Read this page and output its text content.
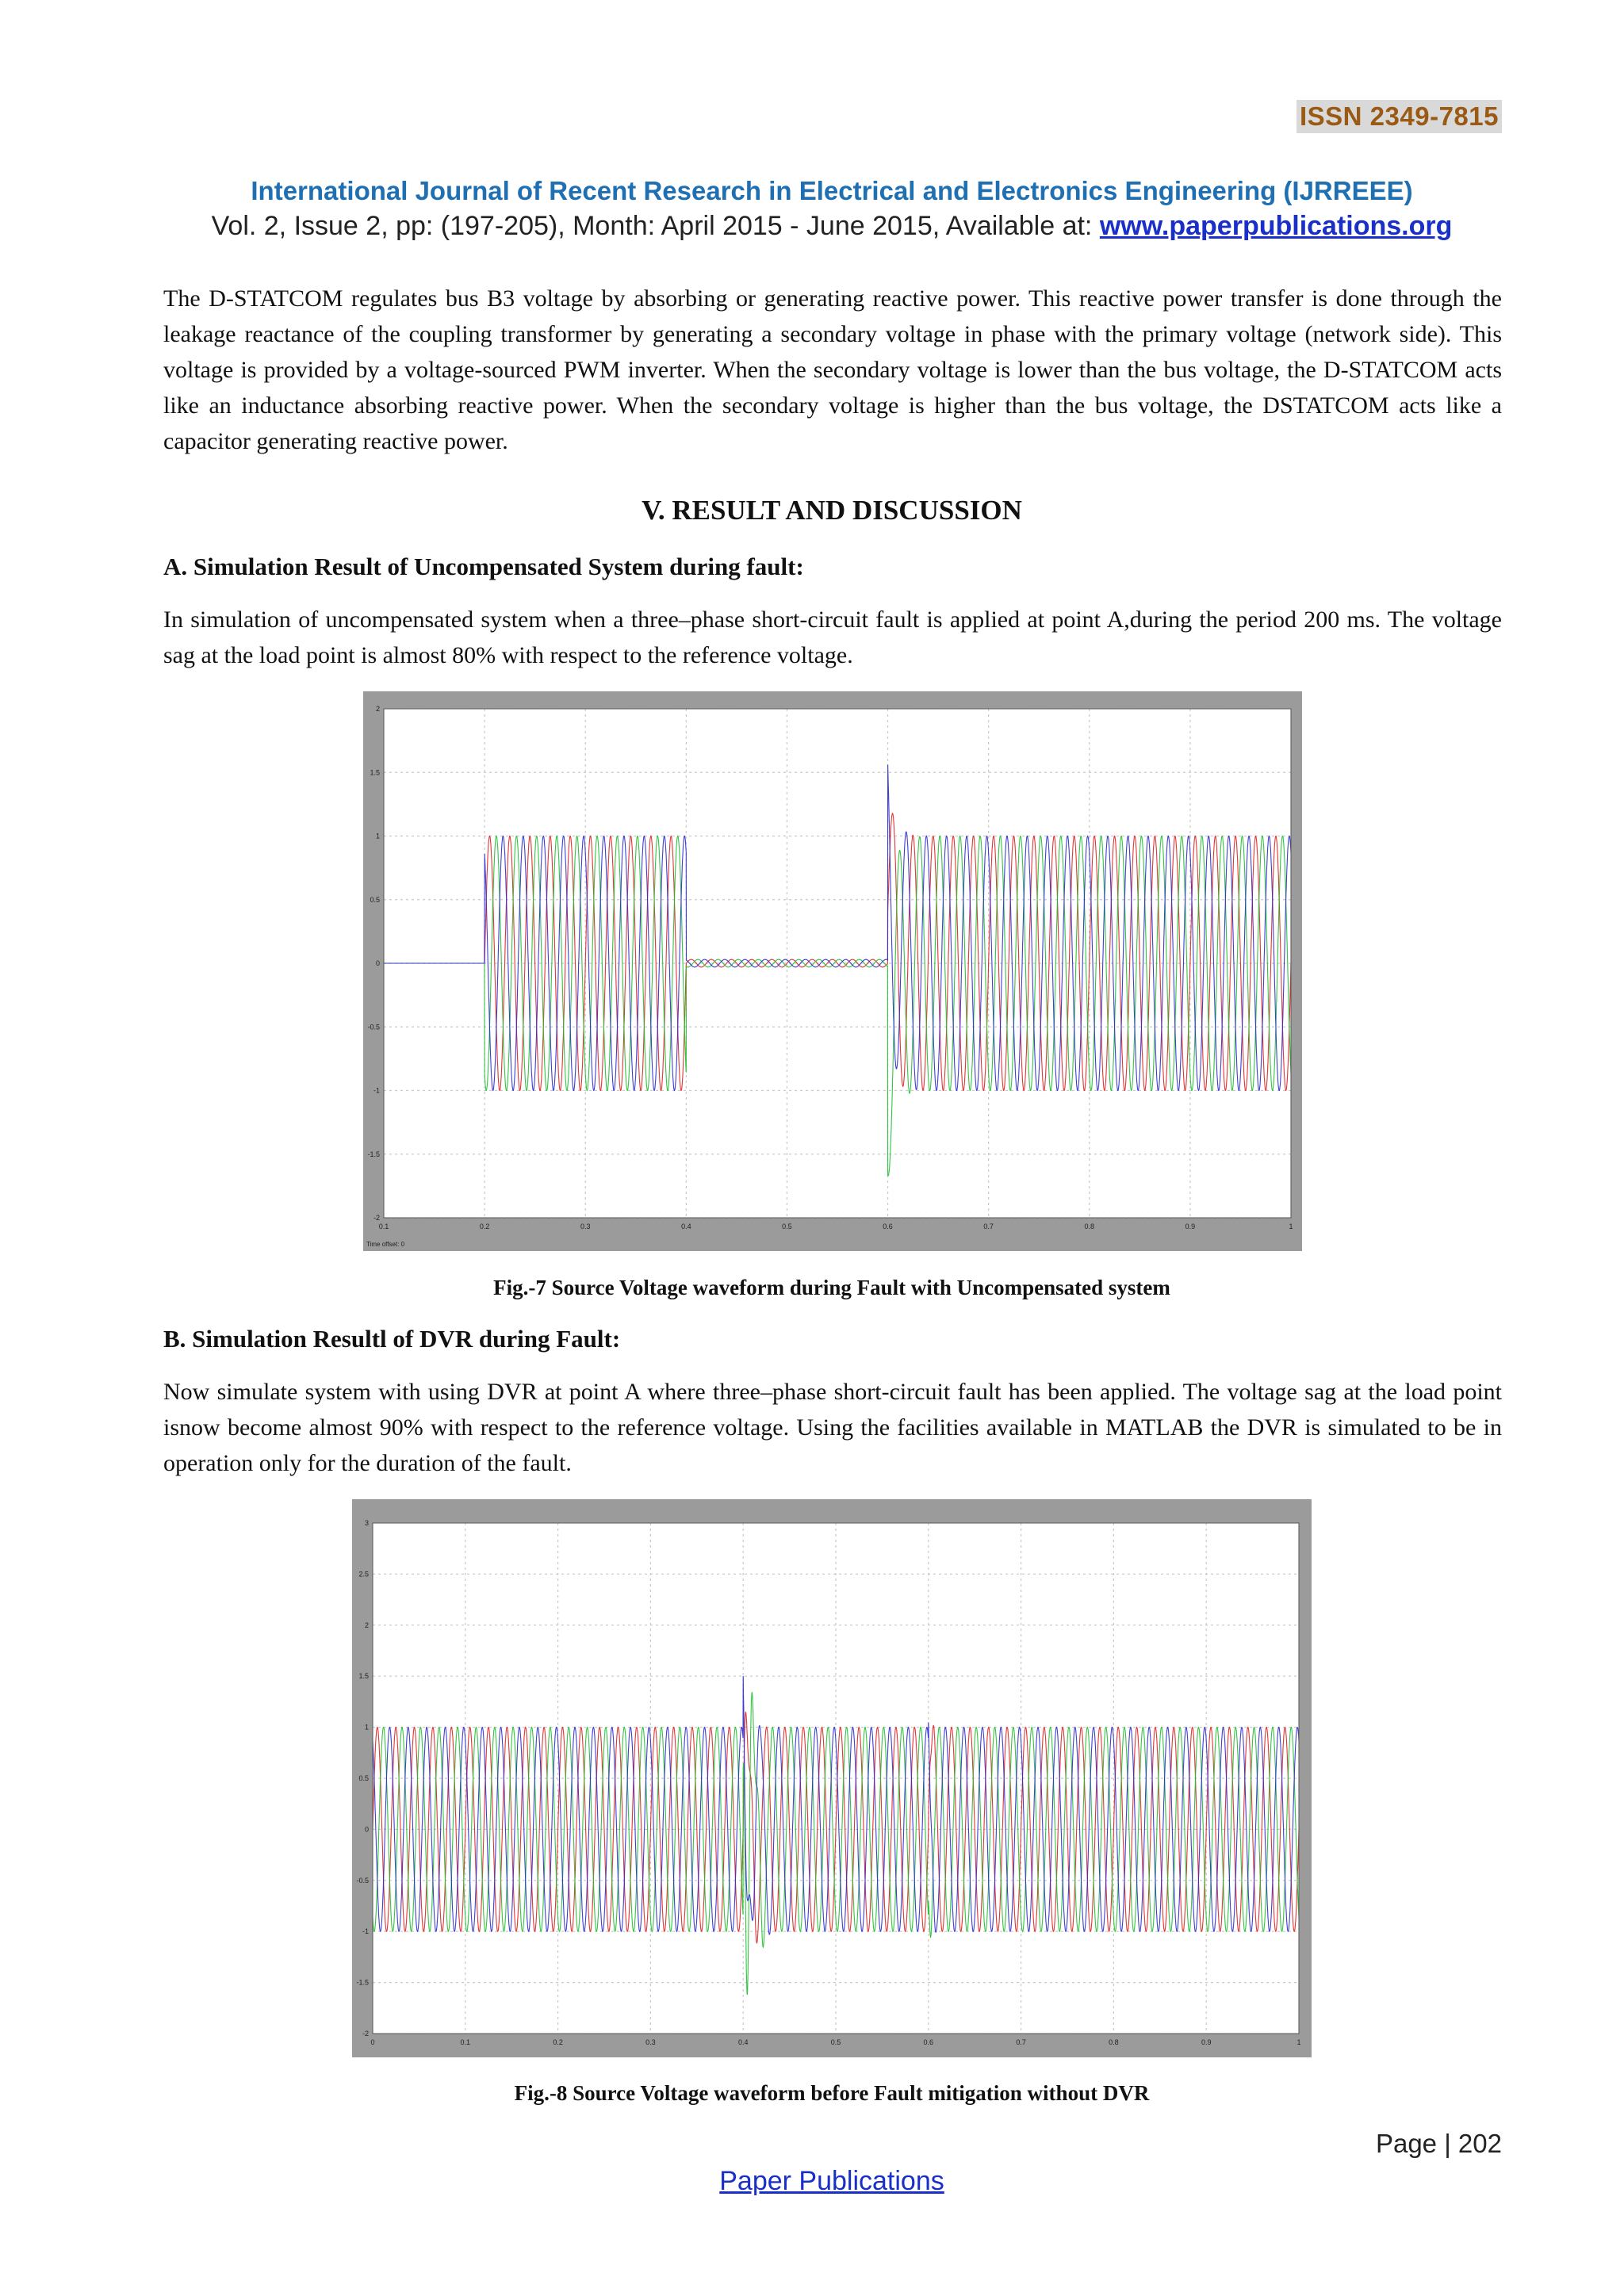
ISSN 2349-7815
International Journal of Recent Research in Electrical and Electronics Engineering (IJRREEE)
Vol. 2, Issue 2, pp: (197-205), Month: April 2015 - June 2015, Available at: www.paperpublications.org
The D-STATCOM regulates bus B3 voltage by absorbing or generating reactive power. This reactive power transfer is done through the leakage reactance of the coupling transformer by generating a secondary voltage in phase with the primary voltage (network side). This voltage is provided by a voltage-sourced PWM inverter. When the secondary voltage is lower than the bus voltage, the D-STATCOM acts like an inductance absorbing reactive power. When the secondary voltage is higher than the bus voltage, the DSTATCOM acts like a capacitor generating reactive power.
V. RESULT AND DISCUSSION
A. Simulation Result of Uncompensated System during fault:
In simulation of uncompensated system when a three–phase short-circuit fault is applied at point A,during the period 200 ms. The voltage sag at the load point is almost 80% with respect to the reference voltage.
0.1	0.2	0.3	0.4	0.5	0.6	0.7	0.8	0.9	1
2
1.5
1
0.5
0
-0.5
-1
-1.5
-2
Time offset: 0
Fig.-7 Source Voltage waveform during Fault with Uncompensated system
B. Simulation Resultl of DVR during Fault:
Now simulate system with using DVR at point A where three–phase short-circuit fault has been applied. The voltage sag at the load point isnow become almost 90% with respect to the reference voltage. Using the facilities available in MATLAB the DVR is simulated to be in operation only for the duration of the fault.
0	0.1	0.2	0.3	0.4	0.5	0.6	0.7	0.8	0.9	1
3
2.5
2
1.5
1
0.5
0
-0.5
-1
-1.5
-2
Fig.-8 Source Voltage waveform before Fault mitigation without DVR
Page | 202
Paper Publications
